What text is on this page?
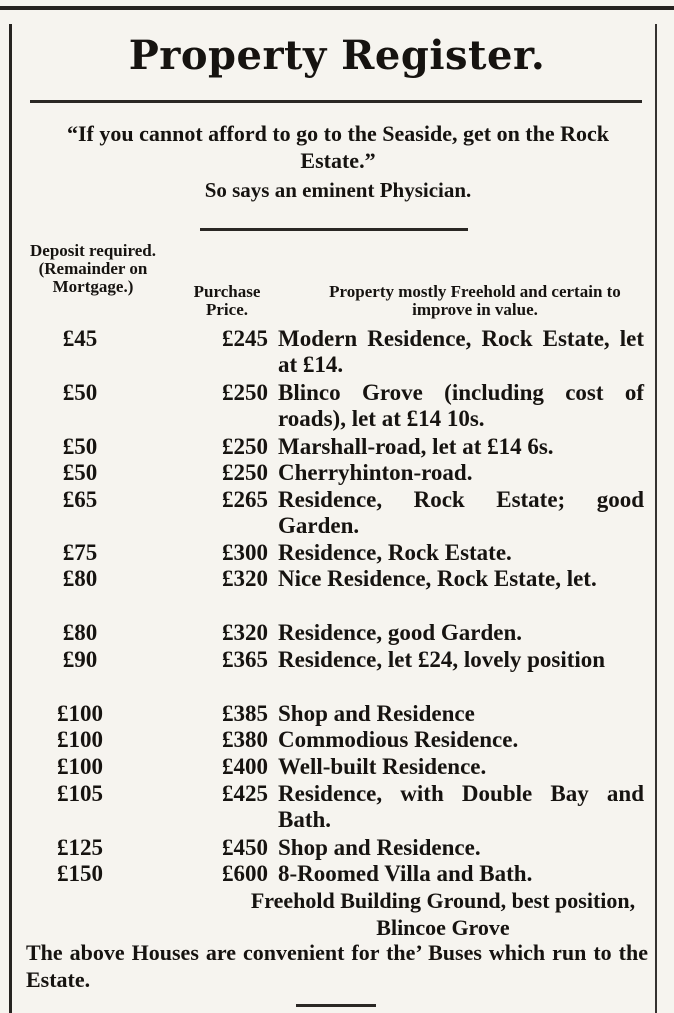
Property Register.
“If you cannot afford to go to the Seaside, get on the Rock Estate.”
So says an eminent Physician.
Deposit required. (Remainder on Mortgage.)	Purchase Price.
Property mostly Freehold and certain to improve in value.
£45	£245 Modern Residence, Rock Estate, let at £14.
£50	£250 Blinco Grove (including cost of roads), let at £14 10s.
£50	£250 Marshall-road, let at £14 6s.
£50	£250 Cherryhinton-road.
£65	£265 Residence, Rock Estate; good Garden.
£75	£300 Residence, Rock Estate.
£80	£320 Nice Residence, Rock Estate, let.
£80	£320 Residence, good Garden.
£90	£365 Residence, let £24, lovely position
£100	£385 Shop and Residence
£100	£380 Commodious Residence.
£100	£400 Well-built Residence.
£105	£425 Residence, with Double Bay and Bath.
£125	£450 Shop and Residence.
£150	£600 8-Roomed Villa and Bath.
Freehold Building Ground, best position, Blincoe Grove
The above Houses are convenient for the’ Buses which run to the Estate.
